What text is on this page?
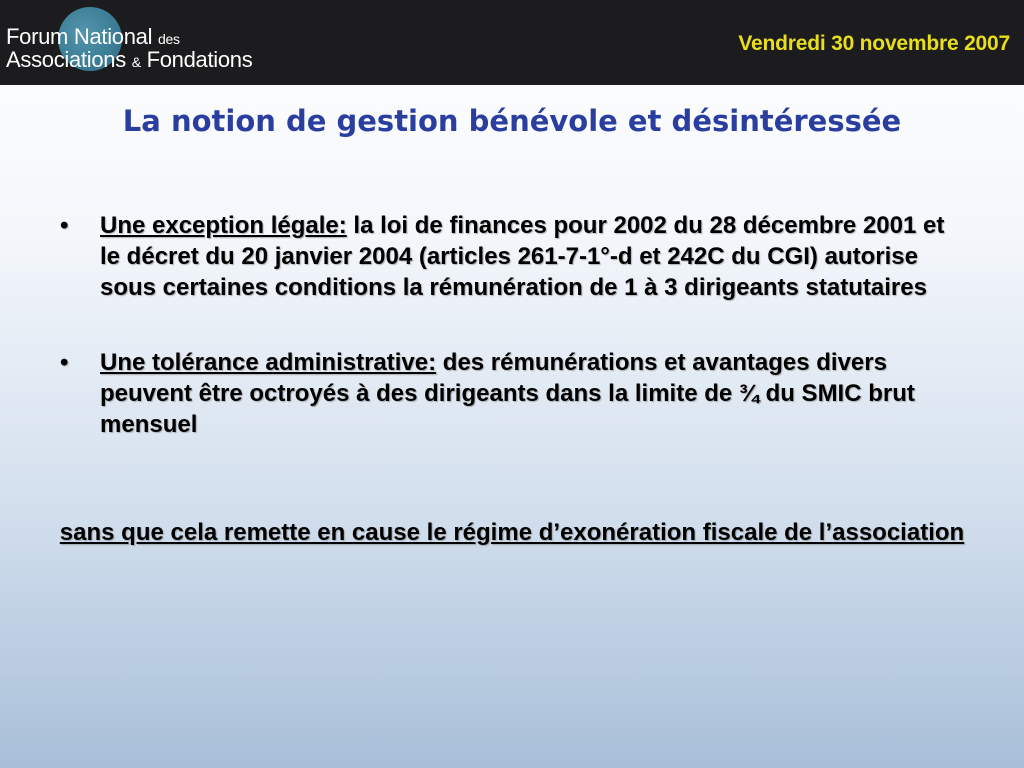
Forum National des
Associations & Fondations
Vendredi 30 novembre 2007
La notion de gestion bénévole et désintéressée
• Une exception légale: la loi de finances pour 2002 du 28 décembre 2001 et le décret du 20 janvier 2004 (articles 261-7-1°-d et 242C du CGI) autorise sous certaines conditions la rémunération de 1 à 3 dirigeants statutaires
• Une tolérance administrative: des rémunérations et avantages divers peuvent être octroyés à des dirigeants dans la limite de ¾ du SMIC brut mensuel
sans que cela remette en cause le régime d’exonération fiscale de l’association
